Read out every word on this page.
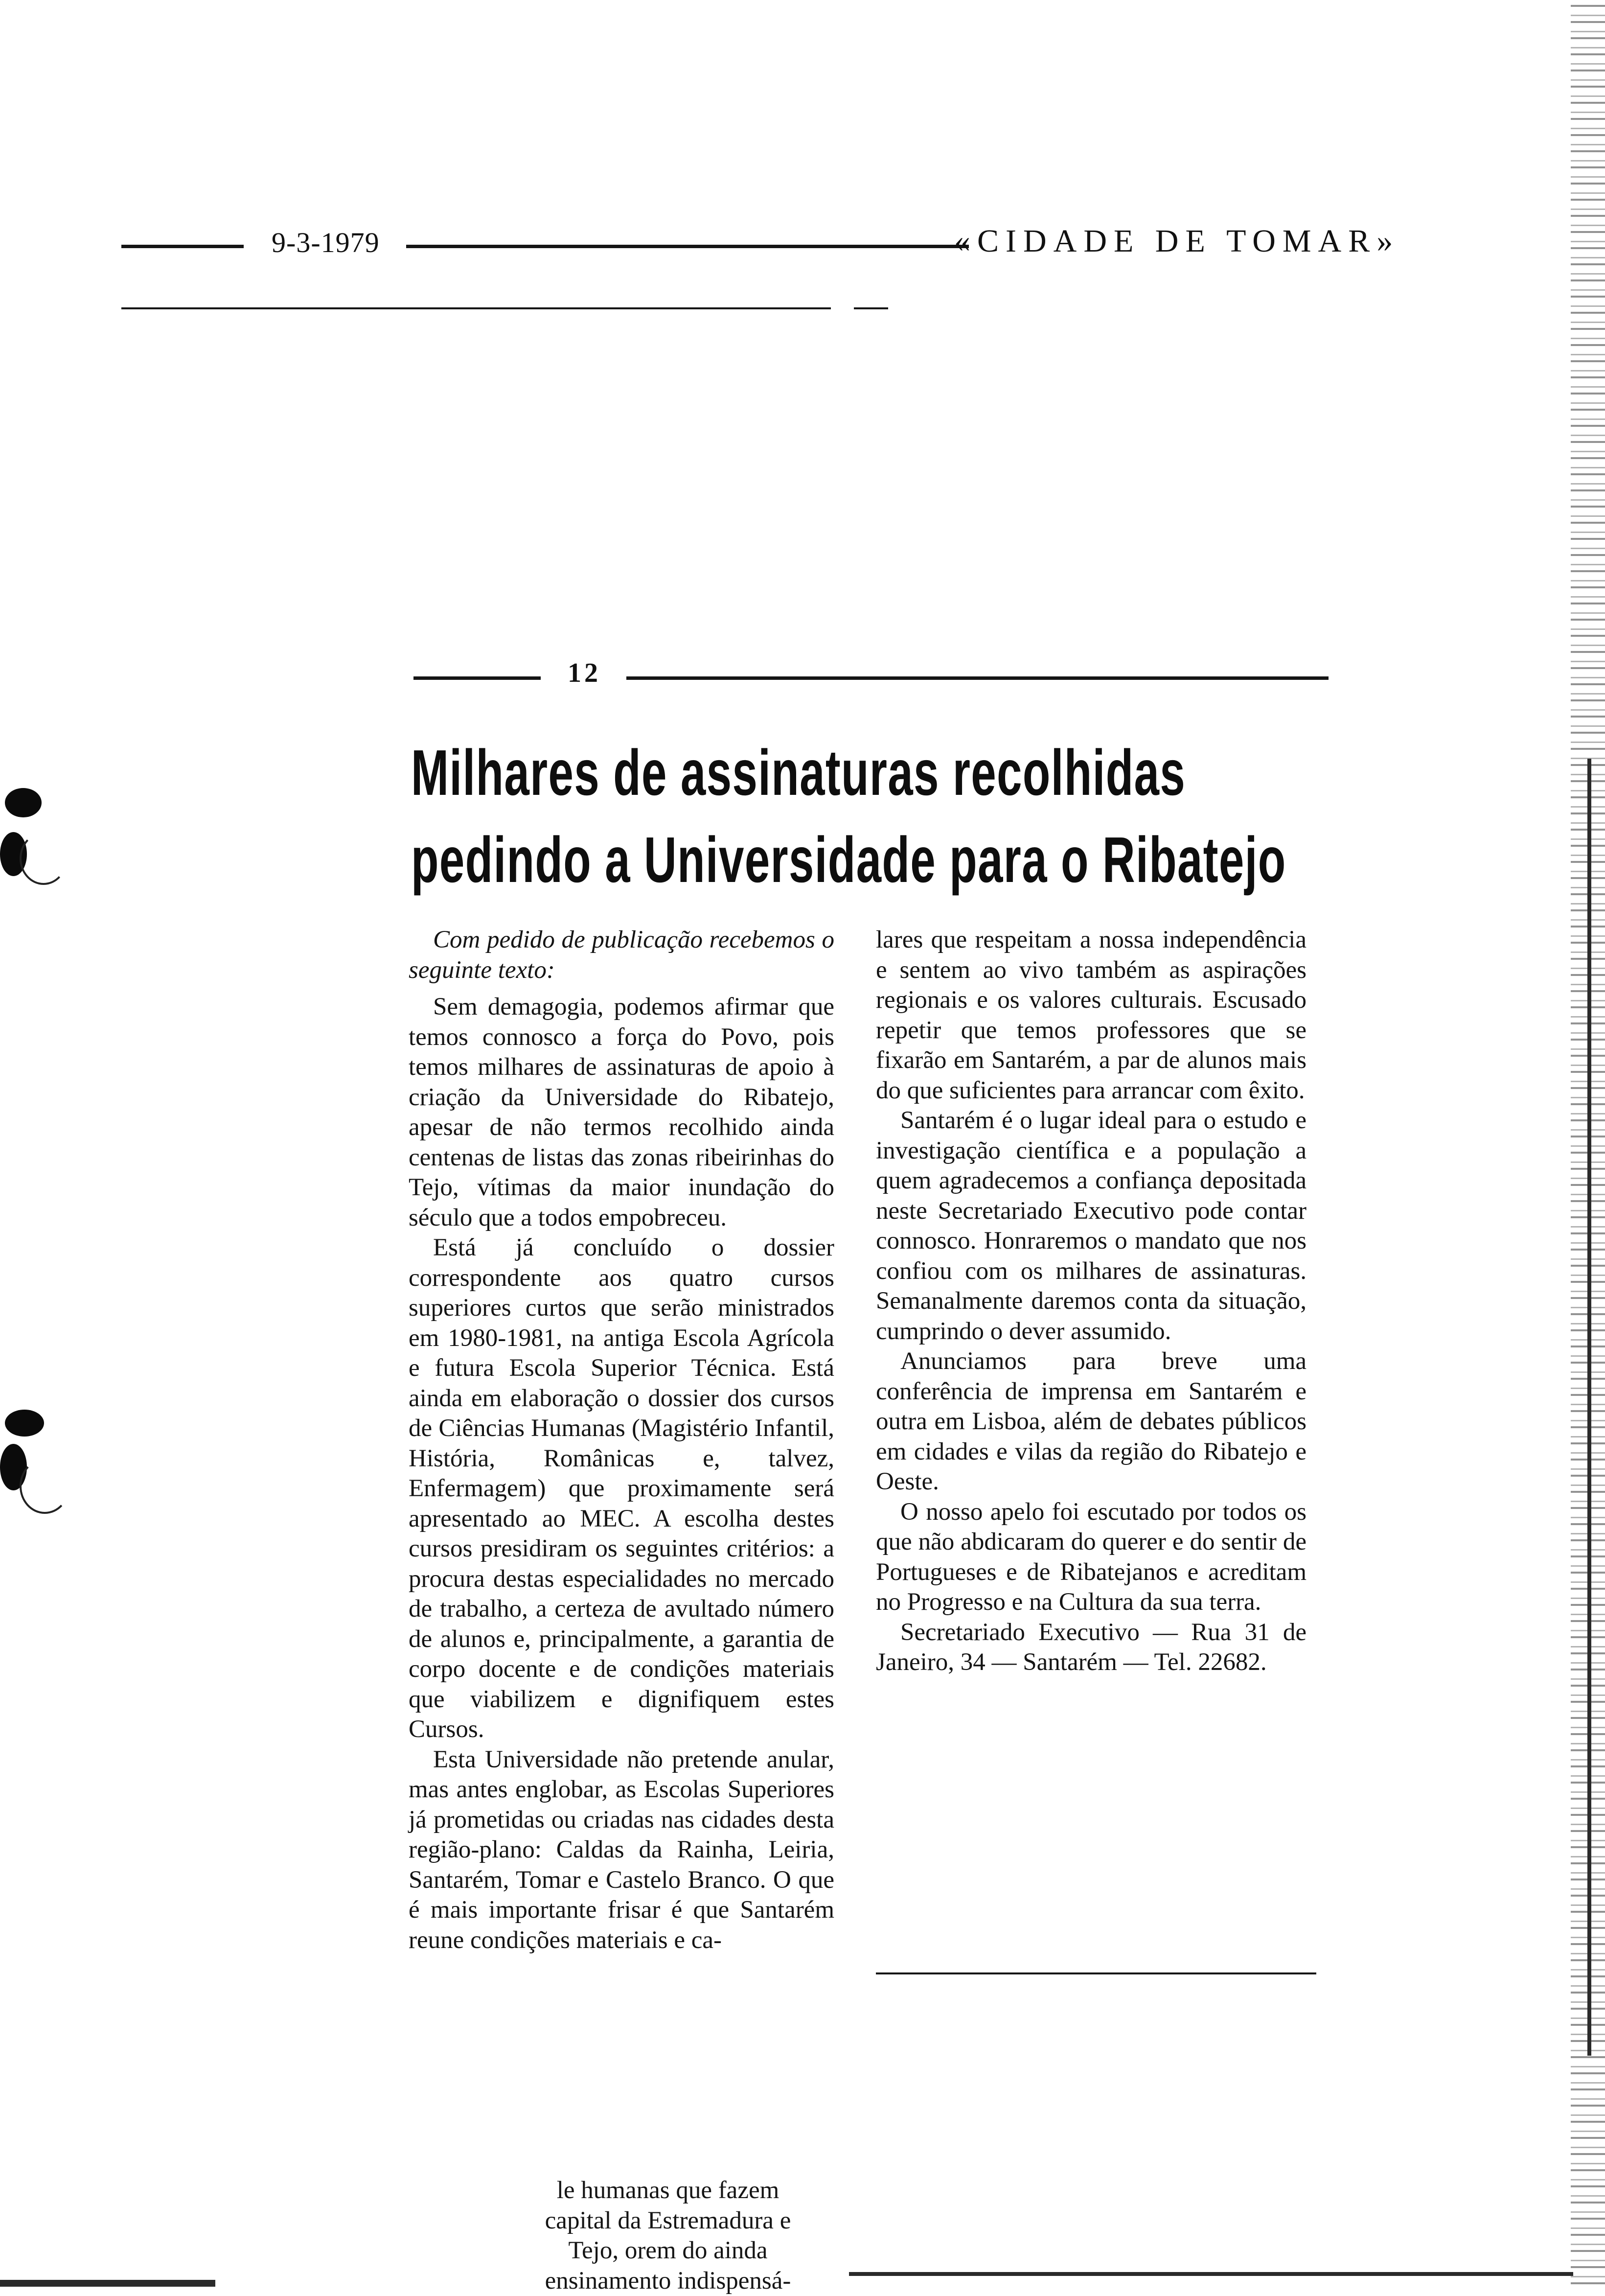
9-3-1979	«CIDADE DE TOMAR»
12
Milhares de assinaturas recolhidas
pedindo a Universidade para o Ribatejo

Com pedido de publicação recebemos o seguinte texto:

Sem demagogia, podemos afirmar que temos connosco a força do Povo, pois temos milhares de assinaturas de apoio à criação da Universidade do Ribatejo, apesar de não termos recolhido ainda centenas de listas das zonas ribeirinhas do Tejo, vítimas da maior inundação do século que a todos empobreceu.

Está já concluído o dossier correspondente aos quatro cursos superiores curtos que serão ministrados em 1980-1981, na antiga Escola Agrícola e futura Escola Superior Técnica. Está ainda em elaboração o dossier dos cursos de Ciências Humanas (Magistério Infantil, História, Românicas e, talvez, Enfermagem) que proximamente será apresentado ao MEC. A escolha destes cursos presidiram os seguintes critérios: a procura destas especialidades no mercado de trabalho, a certeza de avultado número de alunos e, principalmente, a garantia de corpo docente e de condições materiais que viabilizem e dignifiquem estes Cursos.

Esta Universidade não pretende anular, mas antes englobar, as Escolas Superiores já prometidas ou criadas nas cidades desta região-plano: Caldas da Rainha, Leiria, Santarém, Tomar e Castelo Branco. O que é mais importante frisar é que Santarém reune condições materiais e ca-

le humanas que fazem
capital da Estremadura e
Tejo, orem do ainda
ensinamento indispensá-

lares que respeitam a nossa independência e sentem ao vivo também as aspirações regionais e os valores culturais. Escusado repetir que temos professores que se fixarão em Santarém, a par de alunos mais do que suficientes para arrancar com êxito.

Santarém é o lugar ideal para o estudo e investigação científica e a população a quem agradecemos a confiança depositada neste Secretariado Executivo pode contar connosco. Honraremos o mandato que nos confiou com os milhares de assinaturas. Semanalmente daremos conta da situação, cumprindo o dever assumido.

Anunciamos para breve uma conferência de imprensa em Santarém e outra em Lisboa, além de debates públicos em cidades e vilas da região do Ribatejo e Oeste.

O nosso apelo foi escutado por todos os que não abdicaram do querer e do sentir de Portugueses e de Ribatejanos e acreditam no Progresso e na Cultura da sua terra.

Secretariado Executivo — Rua 31 de Janeiro, 34 — Santarém — Tel. 22682.
